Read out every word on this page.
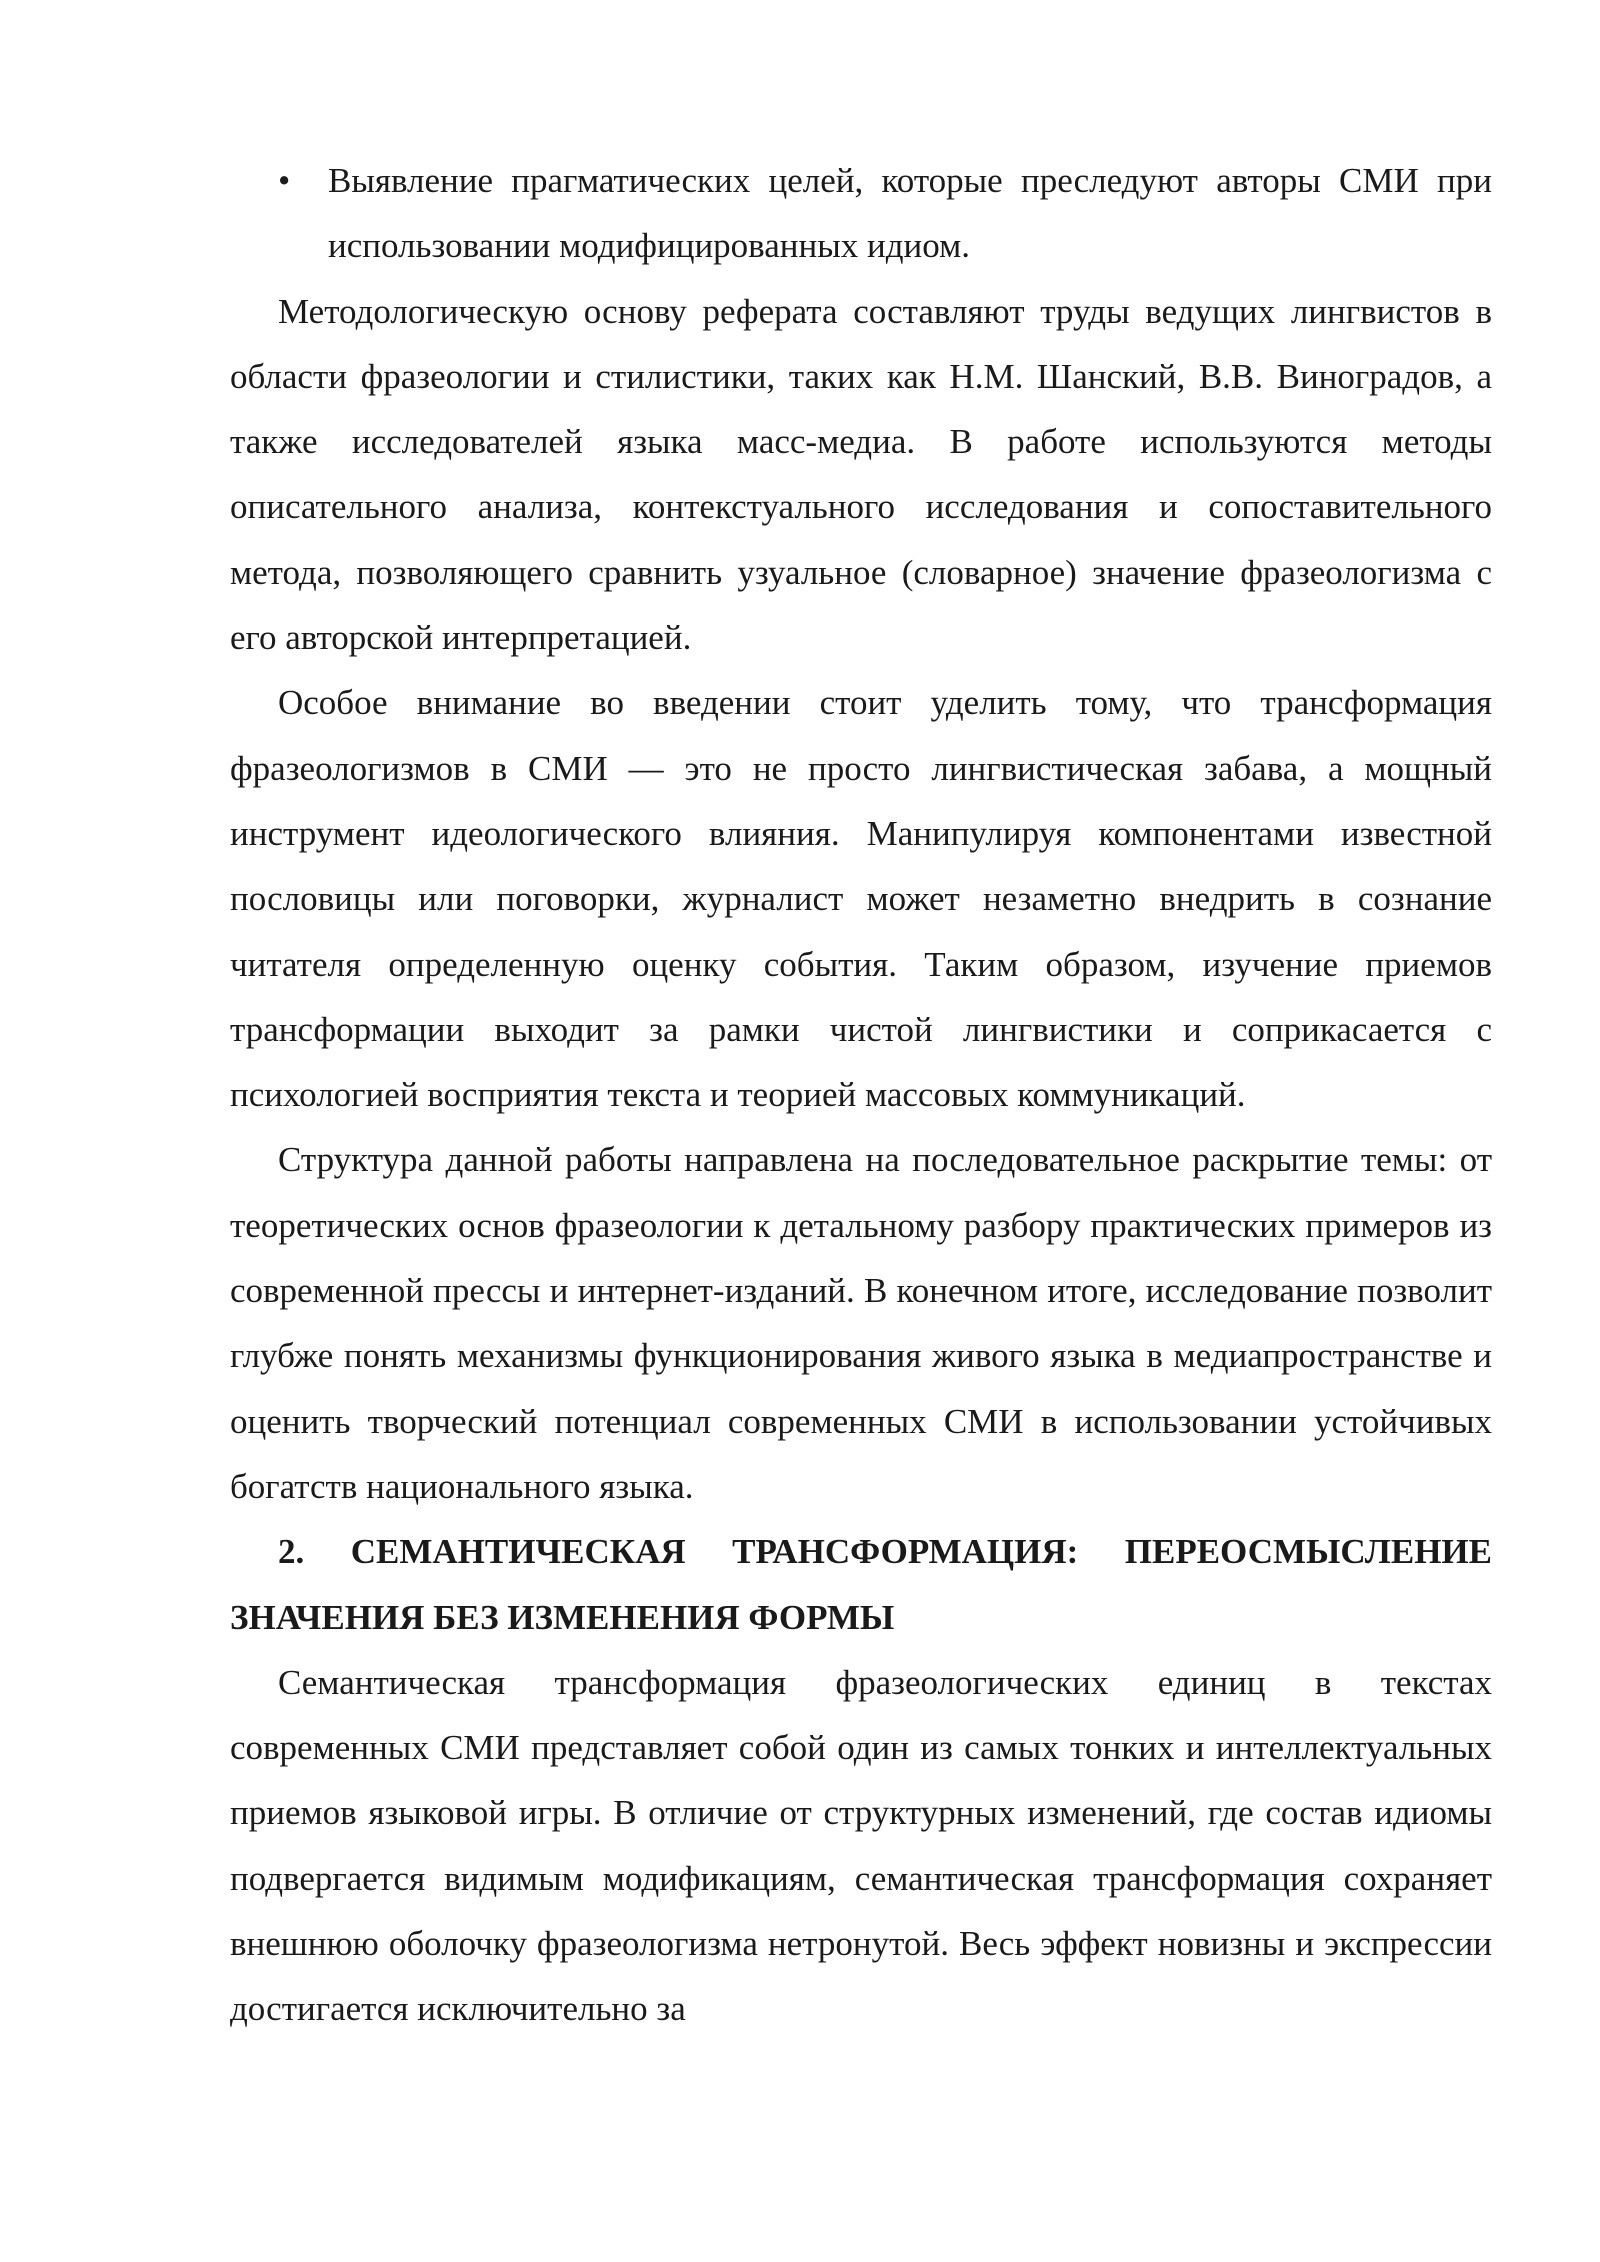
•	Выявление прагматических целей, которые преследуют авторы СМИ при использовании модифицированных идиом.

Методологическую основу реферата составляют труды ведущих лингвистов в области фразеологии и стилистики, таких как Н.М. Шанский, В.В. Виноградов, а также исследователей языка масс-медиа. В работе используются методы описательного анализа, контекстуального исследования и сопоставительного метода, позволяющего сравнить узуальное (словарное) значение фразеологизма с его авторской интерпретацией.

Особое внимание во введении стоит уделить тому, что трансформация фразеологизмов в СМИ — это не просто лингвистическая забава, а мощный инструмент идеологического влияния. Манипулируя компонентами известной пословицы или поговорки, журналист может незаметно внедрить в сознание читателя определенную оценку события. Таким образом, изучение приемов трансформации выходит за рамки чистой лингвистики и соприкасается с психологией восприятия текста и теорией массовых коммуникаций.

Структура данной работы направлена на последовательное раскрытие темы: от теоретических основ фразеологии к детальному разбору практических примеров из современной прессы и интернет-изданий. В конечном итоге, исследование позволит глубже понять механизмы функционирования живого языка в медиапространстве и оценить творческий потенциал современных СМИ в использовании устойчивых богатств национального языка.

2. СЕМАНТИЧЕСКАЯ ТРАНСФОРМАЦИЯ: ПЕРЕОСМЫСЛЕНИЕ ЗНАЧЕНИЯ БЕЗ ИЗМЕНЕНИЯ ФОРМЫ

Семантическая трансформация фразеологических единиц в текстах современных СМИ представляет собой один из самых тонких и интеллектуальных приемов языковой игры. В отличие от структурных изменений, где состав идиомы подвергается видимым модификациям, семантическая трансформация сохраняет внешнюю оболочку фразеологизма нетронутой. Весь эффект новизны и экспрессии достигается исключительно за
